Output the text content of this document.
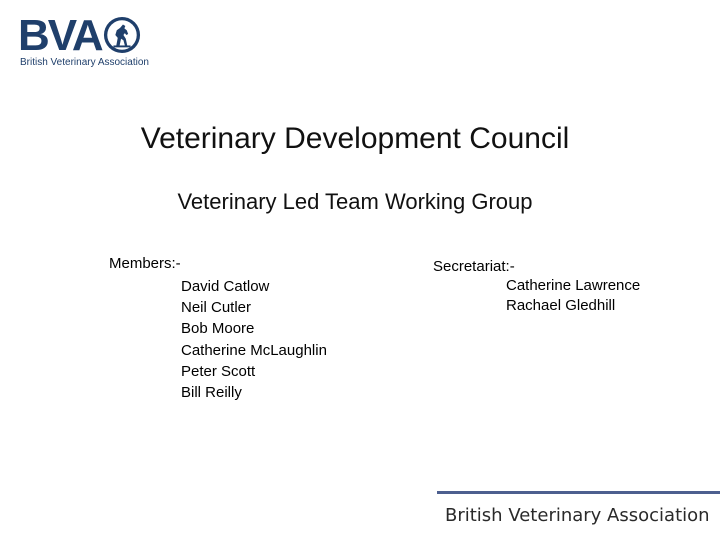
BVA
British Veterinary Association
Veterinary Development Council
Veterinary Led Team Working Group
Members:-
David Catlow
Neil Cutler
Bob Moore
Catherine McLaughlin
Peter Scott
Bill Reilly
Secretariat:-
Catherine Lawrence
Rachael Gledhill
British Veterinary Association
